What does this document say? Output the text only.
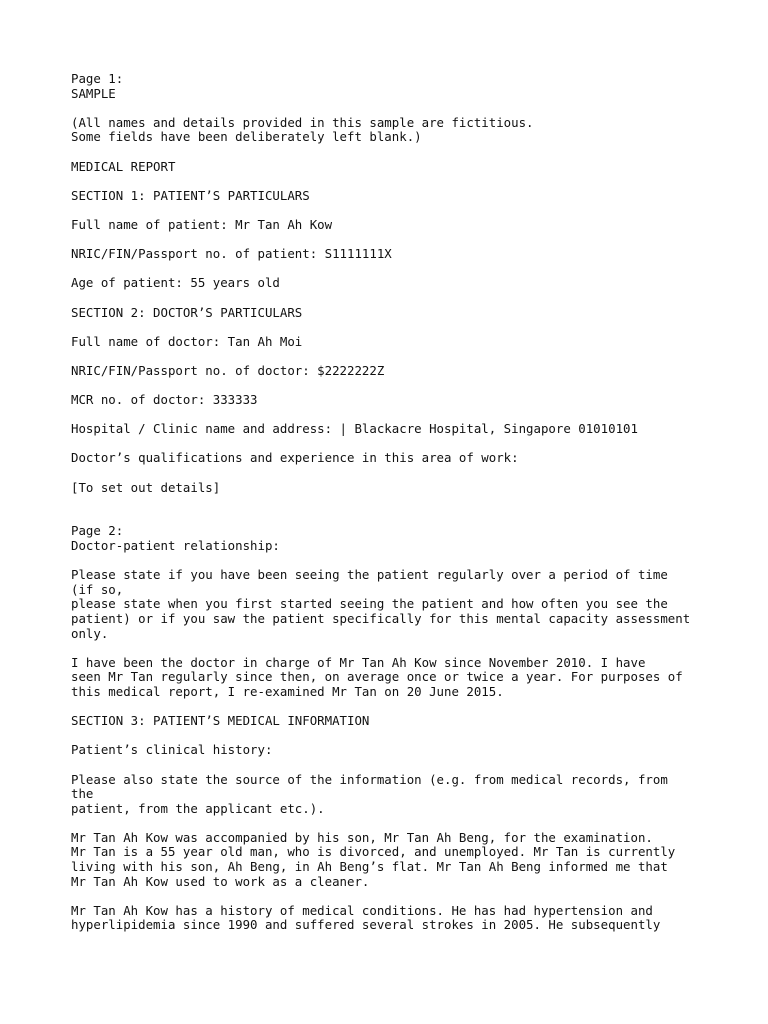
Page 1:
SAMPLE
(All names and details provided in this sample are fictitious.
Some fields have been deliberately left blank.)
MEDICAL REPORT
SECTION 1: PATIENT’S PARTICULARS
Full name of patient: Mr Tan Ah Kow
NRIC/FIN/Passport no. of patient: S1111111X
Age of patient: 55 years old
SECTION 2: DOCTOR’S PARTICULARS
Full name of doctor: Tan Ah Moi
NRIC/FIN/Passport no. of doctor: $2222222Z
MCR no. of doctor: 333333
Hospital / Clinic name and address: | Blackacre Hospital, Singapore 01010101
Doctor’s qualifications and experience in this area of work:
[To set out details]
Page 2:
Doctor-patient relationship:
Please state if you have been seeing the patient regularly over a period of time
(if so,
please state when you first started seeing the patient and how often you see the
patient) or if you saw the patient specifically for this mental capacity assessment
only.
I have been the doctor in charge of Mr Tan Ah Kow since November 2010. I have
seen Mr Tan regularly since then, on average once or twice a year. For purposes of
this medical report, I re-examined Mr Tan on 20 June 2015.
SECTION 3: PATIENT’S MEDICAL INFORMATION
Patient’s clinical history:
Please also state the source of the information (e.g. from medical records, from
the
patient, from the applicant etc.).
Mr Tan Ah Kow was accompanied by his son, Mr Tan Ah Beng, for the examination.
Mr Tan is a 55 year old man, who is divorced, and unemployed. Mr Tan is currently
living with his son, Ah Beng, in Ah Beng’s flat. Mr Tan Ah Beng informed me that
Mr Tan Ah Kow used to work as a cleaner.
Mr Tan Ah Kow has a history of medical conditions. He has had hypertension and
hyperlipidemia since 1990 and suffered several strokes in 2005. He subsequently
